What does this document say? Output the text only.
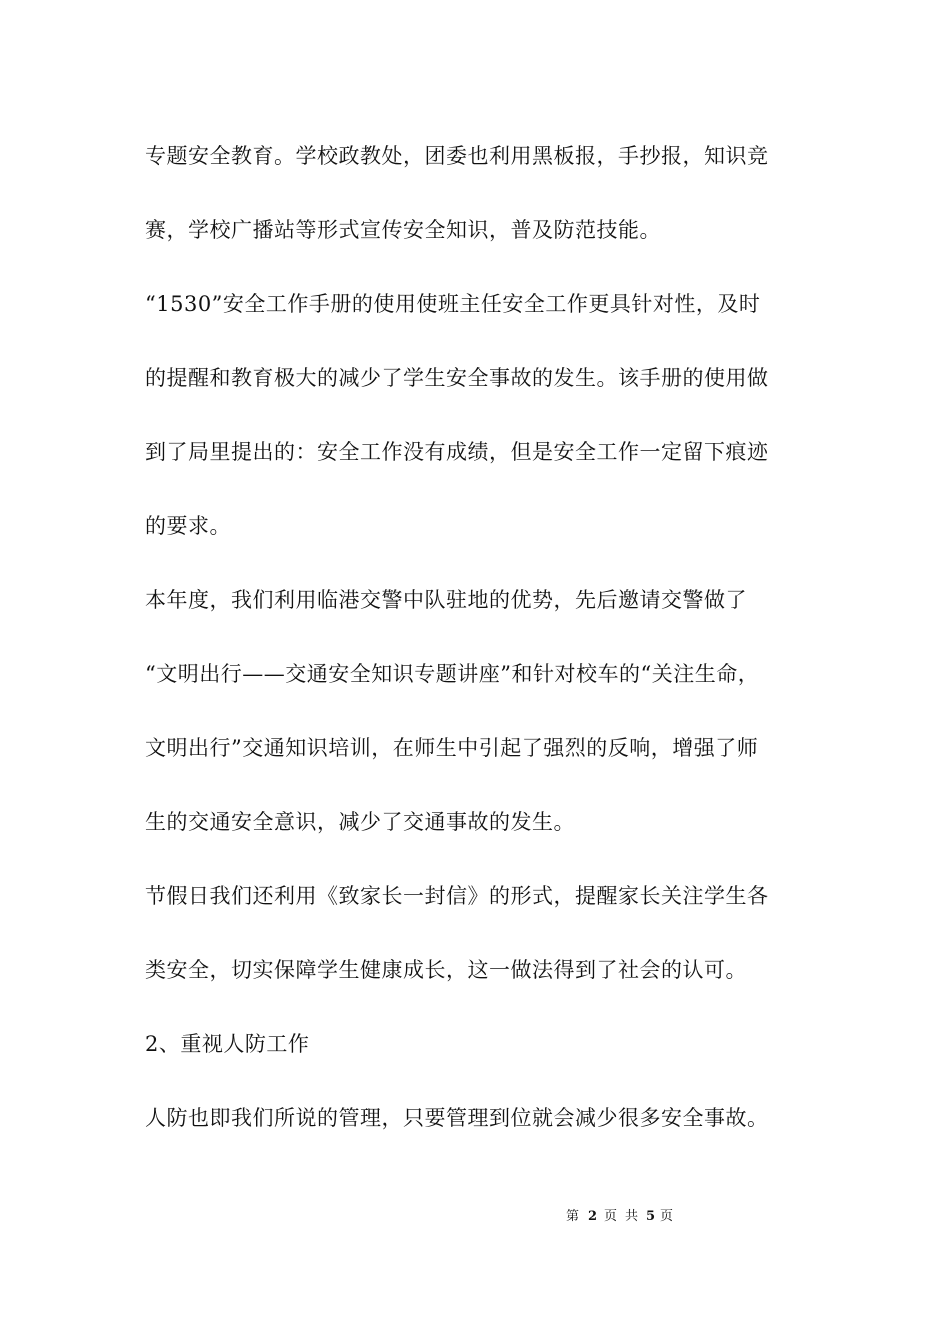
专题安全教育。学校政教处，团委也利用黑板报，手抄报，知识竞
赛，学校广播站等形式宣传安全知识，普及防范技能。
“1530”安全工作手册的使用使班主任安全工作更具针对性，及时
的提醒和教育极大的减少了学生安全事故的发生。该手册的使用做
到了局里提出的：安全工作没有成绩，但是安全工作一定留下痕迹
的要求。
本年度，我们利用临港交警中队驻地的优势，先后邀请交警做了
“文明出行——交通安全知识专题讲座”和针对校车的“关注生命，
文明出行”交通知识培训，在师生中引起了强烈的反响，增强了师
生的交通安全意识，减少了交通事故的发生。
节假日我们还利用《致家长一封信》的形式，提醒家长关注学生各
类安全，切实保障学生健康成长，这一做法得到了社会的认可。
2、重视人防工作
人防也即我们所说的管理，只要管理到位就会减少很多安全事故。
第 2 页 共 5 页
